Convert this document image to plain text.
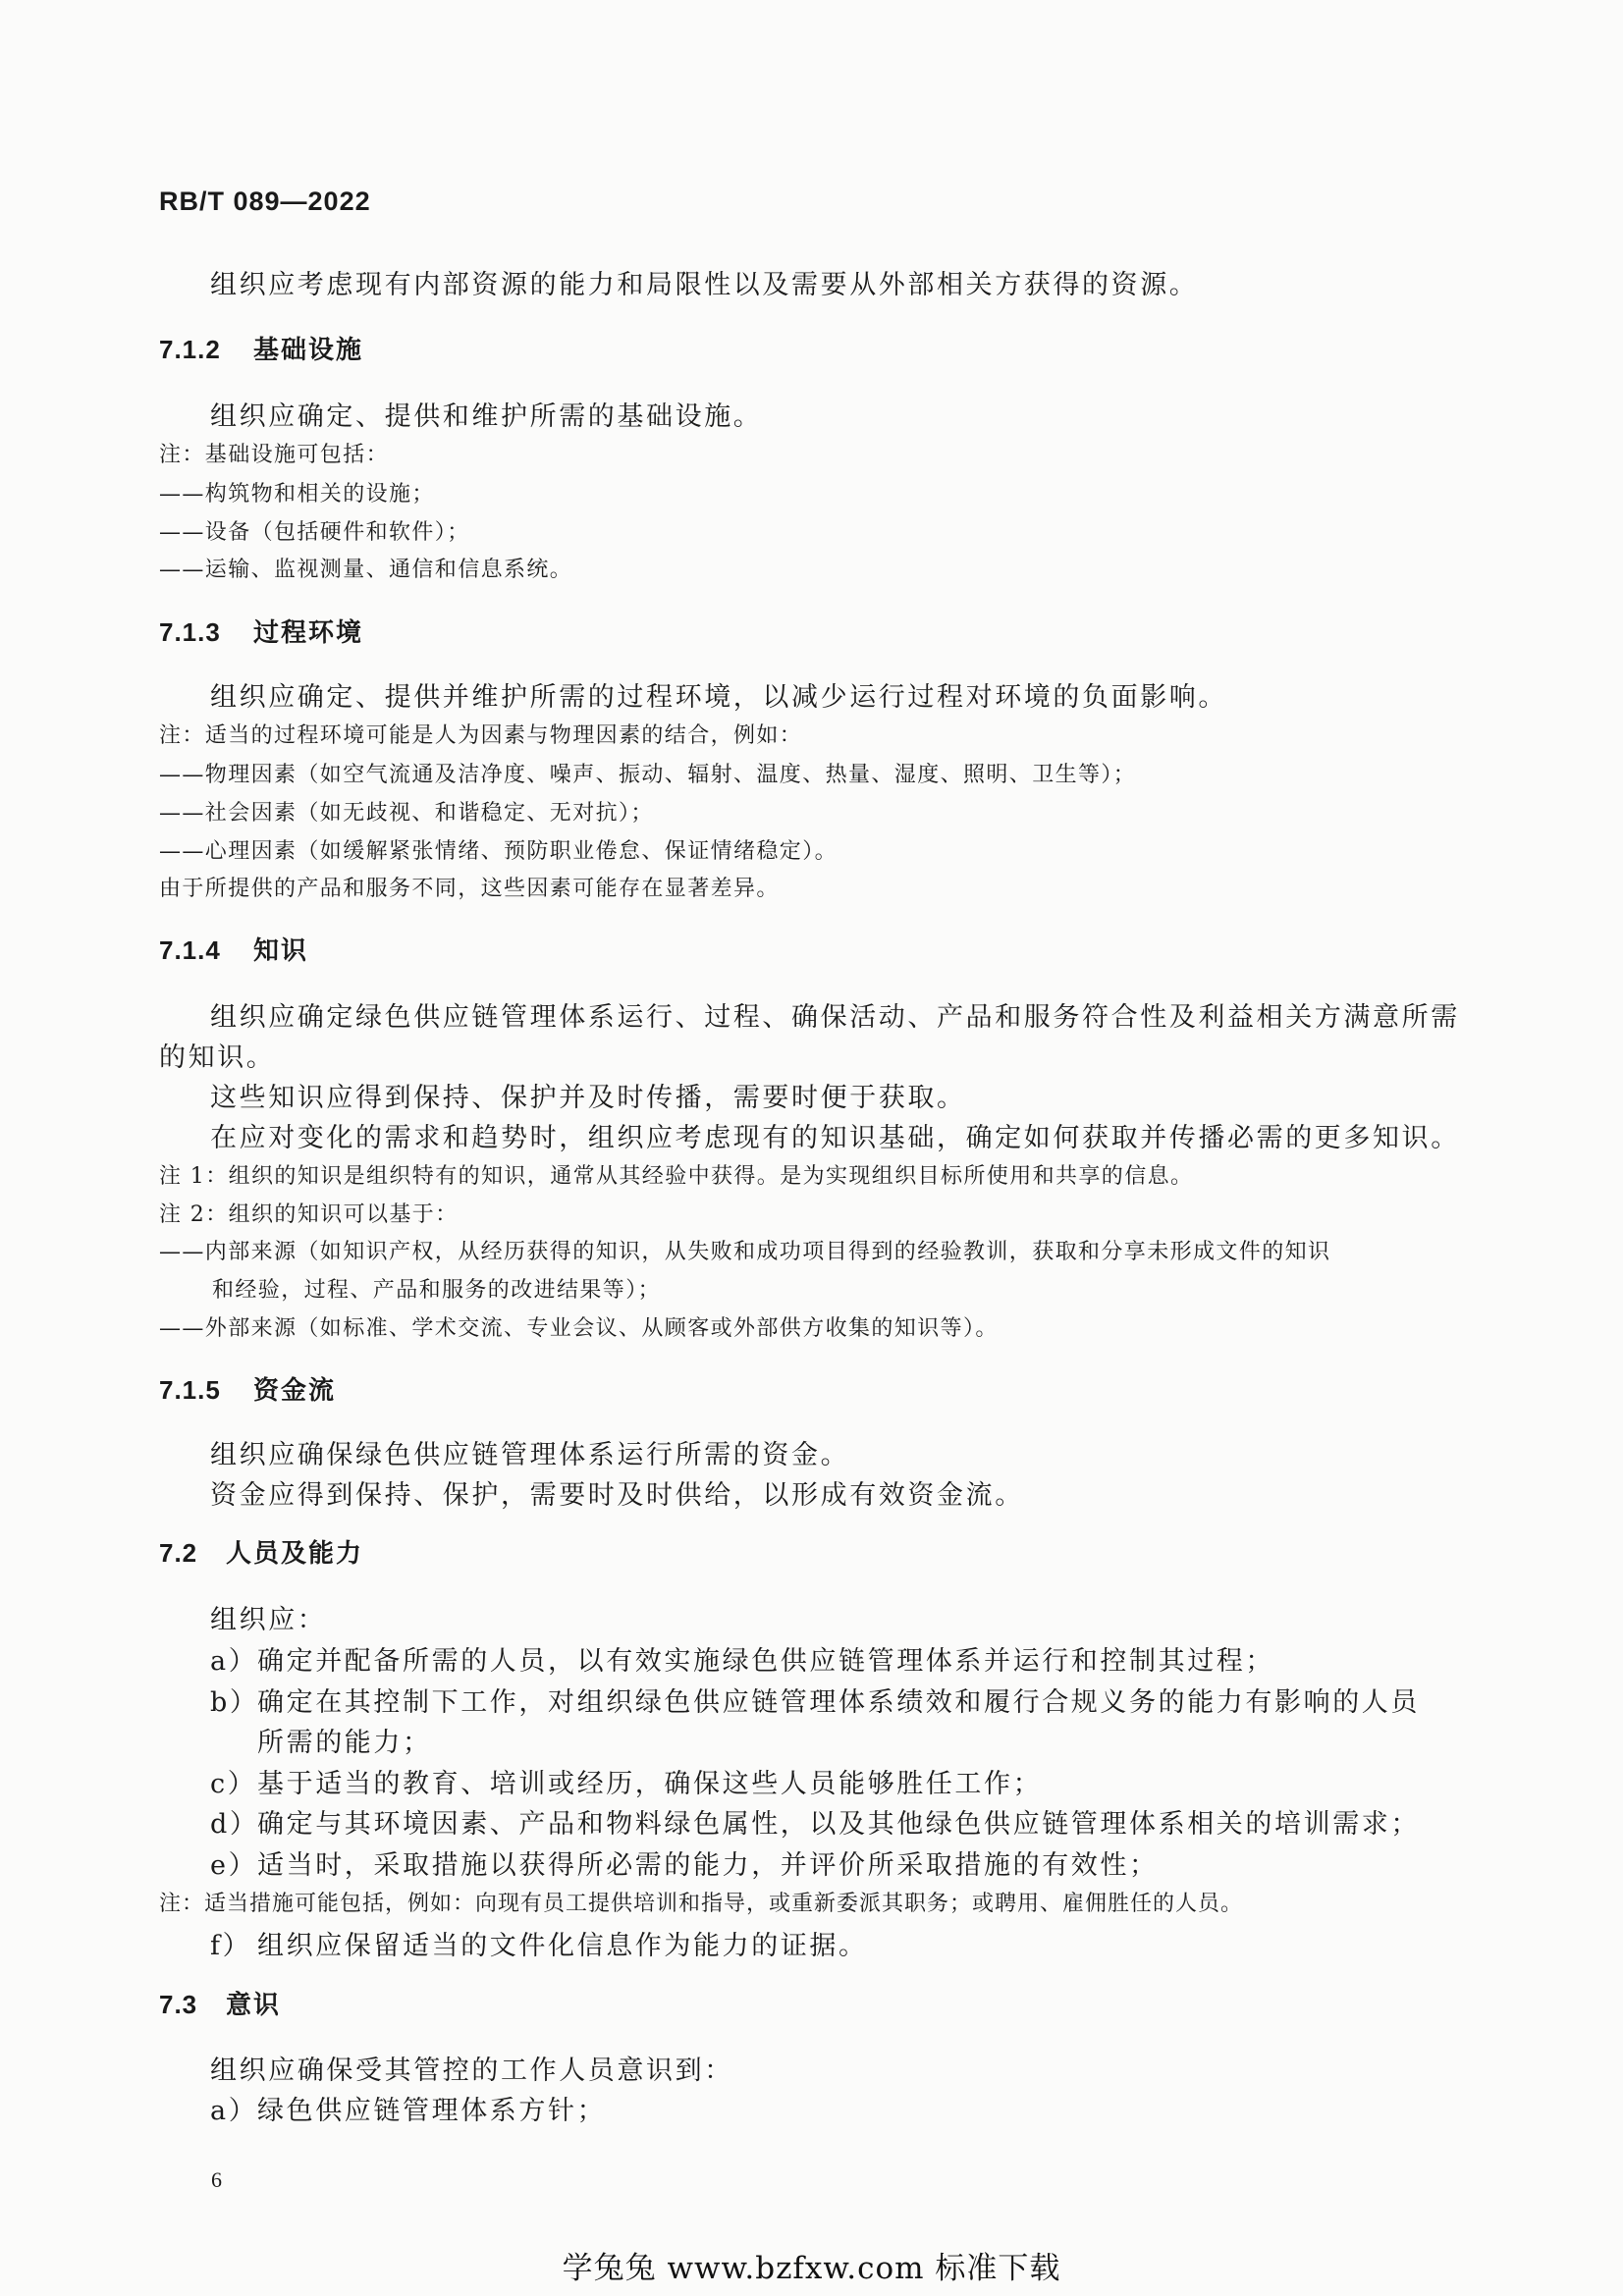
RB/T 089—2022
组织应考虑现有内部资源的能力和局限性以及需要从外部相关方获得的资源。
7.1.2 基础设施
组织应确定、提供和维护所需的基础设施。
注：基础设施可包括：
——构筑物和相关的设施；
——设备（包括硬件和软件）；
——运输、监视测量、通信和信息系统。
7.1.3 过程环境
组织应确定、提供并维护所需的过程环境，以减少运行过程对环境的负面影响。
注：适当的过程环境可能是人为因素与物理因素的结合，例如：
——物理因素（如空气流通及洁净度、噪声、振动、辐射、温度、热量、湿度、照明、卫生等）；
——社会因素（如无歧视、和谐稳定、无对抗）；
——心理因素（如缓解紧张情绪、预防职业倦怠、保证情绪稳定）。
由于所提供的产品和服务不同，这些因素可能存在显著差异。
7.1.4 知识
组织应确定绿色供应链管理体系运行、过程、确保活动、产品和服务符合性及利益相关方满意所需
的知识。
这些知识应得到保持、保护并及时传播，需要时便于获取。
在应对变化的需求和趋势时，组织应考虑现有的知识基础，确定如何获取并传播必需的更多知识。
注 1：组织的知识是组织特有的知识，通常从其经验中获得。是为实现组织目标所使用和共享的信息。
注 2：组织的知识可以基于：
——内部来源（如知识产权，从经历获得的知识，从失败和成功项目得到的经验教训，获取和分享未形成文件的知识
和经验，过程、产品和服务的改进结果等）；
——外部来源（如标准、学术交流、专业会议、从顾客或外部供方收集的知识等）。
7.1.5 资金流
组织应确保绿色供应链管理体系运行所需的资金。
资金应得到保持、保护，需要时及时供给，以形成有效资金流。
7.2 人员及能力
组织应：
a）确定并配备所需的人员，以有效实施绿色供应链管理体系并运行和控制其过程；
b）确定在其控制下工作，对组织绿色供应链管理体系绩效和履行合规义务的能力有影响的人员
所需的能力；
c）基于适当的教育、培训或经历，确保这些人员能够胜任工作；
d）确定与其环境因素、产品和物料绿色属性，以及其他绿色供应链管理体系相关的培训需求；
e）适当时，采取措施以获得所必需的能力，并评价所采取措施的有效性；
注：适当措施可能包括，例如：向现有员工提供培训和指导，或重新委派其职务；或聘用、雇佣胜任的人员。
f） 组织应保留适当的文件化信息作为能力的证据。
7.3 意识
组织应确保受其管控的工作人员意识到：
a）绿色供应链管理体系方针；
6
学兔兔 www.bzfxw.com 标准下载
